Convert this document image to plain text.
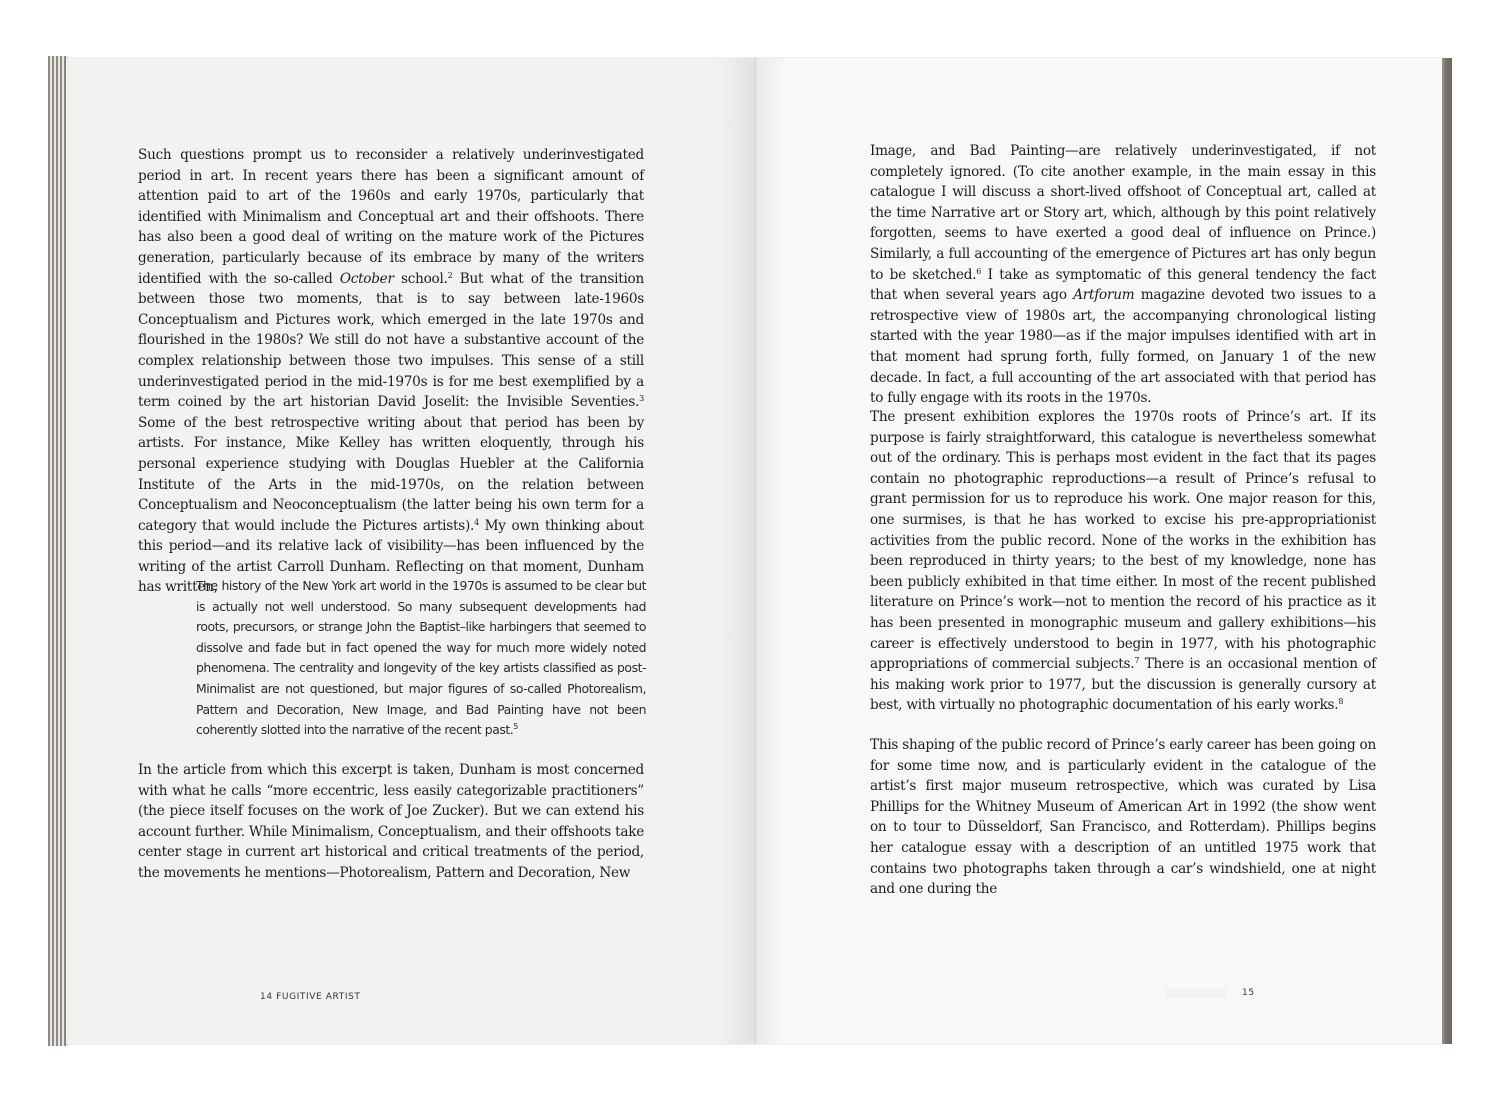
Such questions prompt us to reconsider a relatively underinvestigated period in art. In recent years there has been a significant amount of attention paid to art of the 1960s and early 1970s, particularly that identified with Minimalism and Conceptual art and their offshoots. There has also been a good deal of writing on the mature work of the Pictures generation, particularly because of its embrace by many of the writers identified with the so-called October school.$^2$ But what of the transition between those two moments, that is to say between late-1960s Conceptualism and Pictures work, which emerged in the late 1970s and flourished in the 1980s? We still do not have a substantive account of the complex relationship between those two impulses. This sense of a still underinvestigated period in the mid-1970s is for me best exemplified by a term coined by the art historian David Joselit: the Invisible Seventies.$^3$ Some of the best retrospective writing about that period has been by artists. For instance, Mike Kelley has written eloquently, through his personal experience studying with Douglas Huebler at the California Institute of the Arts in the mid-1970s, on the relation between Conceptualism and Neoconceptualism (the latter being his own term for a category that would include the Pictures artists).$^4$ My own thinking about this period—and its relative lack of visibility—has been influenced by the writing of the artist Carroll Dunham. Reflecting on that moment, Dunham has written,

The history of the New York art world in the 1970s is assumed to be clear but is actually not well understood. So many subsequent developments had roots, precursors, or strange John the Baptist–like harbingers that seemed to dissolve and fade but in fact opened the way for much more widely noted phenomena. The centrality and longevity of the key artists classified as post-Minimalist are not questioned, but major figures of so-called Photorealism, Pattern and Decoration, New Image, and Bad Painting have not been coherently slotted into the narrative of the recent past.$^5$

In the article from which this excerpt is taken, Dunham is most concerned with what he calls “more eccentric, less easily categorizable practitioners” (the piece itself focuses on the work of Joe Zucker). But we can extend his account further. While Minimalism, Conceptualism, and their offshoots take center stage in current art historical and critical treatments of the period, the movements he mentions—Photorealism, Pattern and Decoration, New

14 FUGITIVE ARTIST

Image, and Bad Painting—are relatively underinvestigated, if not completely ignored. (To cite another example, in the main essay in this catalogue I will discuss a short-lived offshoot of Conceptual art, called at the time Narrative art or Story art, which, although by this point relatively forgotten, seems to have exerted a good deal of influence on Prince.) Similarly, a full accounting of the emergence of Pictures art has only begun to be sketched.$^6$ I take as symptomatic of this general tendency the fact that when several years ago Artforum magazine devoted two issues to a retrospective view of 1980s art, the accompanying chronological listing started with the year 1980—as if the major impulses identified with art in that moment had sprung forth, fully formed, on January 1 of the new decade. In fact, a full accounting of the art associated with that period has to fully engage with its roots in the 1970s.

The present exhibition explores the 1970s roots of Prince’s art. If its purpose is fairly straightforward, this catalogue is nevertheless somewhat out of the ordinary. This is perhaps most evident in the fact that its pages contain no photographic reproductions—a result of Prince’s refusal to grant permission for us to reproduce his work. One major reason for this, one surmises, is that he has worked to excise his pre-appropriationist activities from the public record. None of the works in the exhibition has been reproduced in thirty years; to the best of my knowledge, none has been publicly exhibited in that time either. In most of the recent published literature on Prince’s work—not to mention the record of his practice as it has been presented in monographic museum and gallery exhibitions—his career is effectively understood to begin in 1977, with his photographic appropriations of commercial subjects.$^7$ There is an occasional mention of his making work prior to 1977, but the discussion is generally cursory at best, with virtually no photographic documentation of his early works.$^8$

This shaping of the public record of Prince’s early career has been going on for some time now, and is particularly evident in the catalogue of the artist’s first major museum retrospective, which was curated by Lisa Phillips for the Whitney Museum of American Art in 1992 (the show went on to tour to Düsseldorf, San Francisco, and Rotterdam). Phillips begins her catalogue essay with a description of an untitled 1975 work that contains two photographs taken through a car’s windshield, one at night and one during the

15
